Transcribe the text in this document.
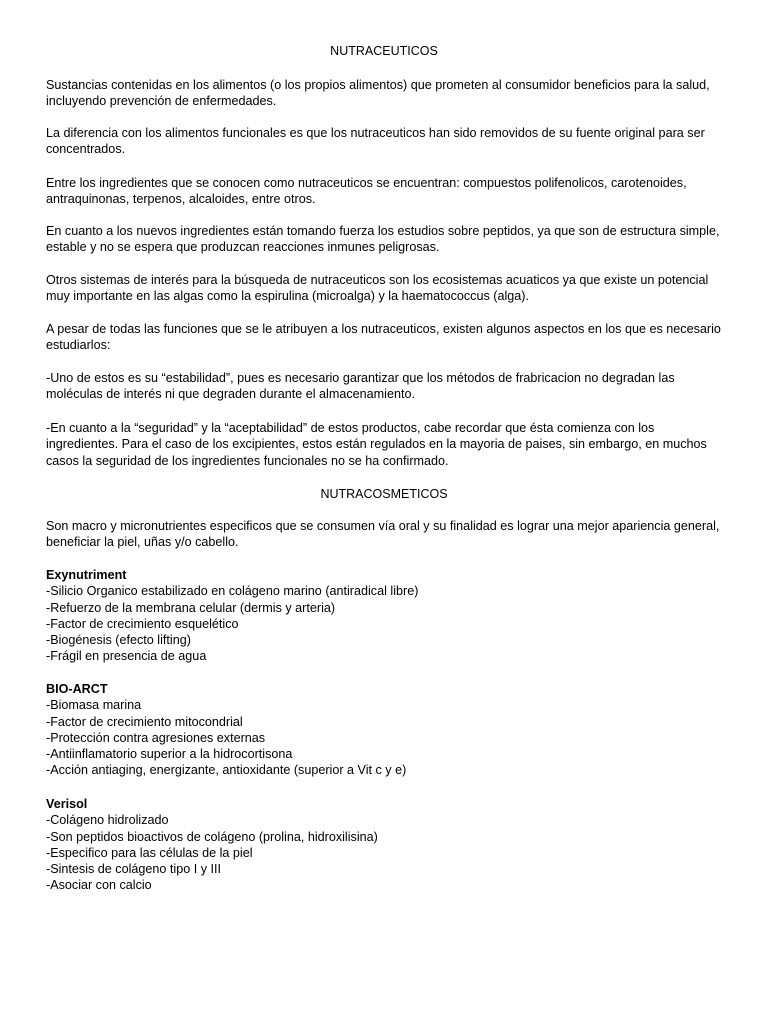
NUTRACEUTICOS

Sustancias contenidas en los alimentos (o los propios alimentos) que prometen al consumidor beneficios para la salud, incluyendo prevención de enfermedades.

La diferencia con los alimentos funcionales es que los nutraceuticos han sido removidos de su fuente original para ser concentrados.

Entre los ingredientes que se conocen como nutraceuticos se encuentran: compuestos polifenolicos, carotenoides, antraquinonas, terpenos, alcaloides, entre otros.

En cuanto a los nuevos ingredientes están tomando fuerza los estudios sobre peptidos, ya que son de estructura simple, estable y no se espera que produzcan reacciones inmunes peligrosas.

Otros sistemas de interés para la búsqueda de nutraceuticos son los ecosistemas acuaticos ya que existe un potencial muy importante en las algas como la espirulina (microalga) y la haematococcus (alga).

A pesar de todas las funciones que se le atribuyen a los nutraceuticos, existen algunos aspectos en los que es necesario estudiarlos:

-Uno de estos es su “estabilidad”, pues es necesario garantizar que los métodos de frabricacion no degradan las moléculas de interés ni que degraden durante el almacenamiento.

-En cuanto a la “seguridad” y la “aceptabilidad” de estos productos, cabe recordar que ésta comienza con los ingredientes. Para el caso de los excipientes, estos están regulados en la mayoria de paises, sin embargo, en muchos casos la seguridad de los ingredientes funcionales no se ha confirmado.

NUTRACOSMETICOS

Son macro y micronutrientes especificos que se consumen vía oral y su finalidad es lograr una mejor apariencia general, beneficiar la piel, uñas y/o cabello.

Exynutriment

-Silicio Organico estabilizado en colágeno marino (antiradical libre)
-Refuerzo de la membrana celular (dermis y arteria)
-Factor de crecimiento esquelético
-Biogénesis (efecto lifting)
-Frágil en presencia de agua

BIO-ARCT

-Biomasa marina
-Factor de crecimiento mitocondrial
-Protección contra agresiones externas
-Antiinflamatorio superior a la hidrocortisona
-Acción antiaging, energizante, antioxidante (superior a Vit c y e)

Verisol

-Colágeno hidrolizado
-Son peptidos bioactivos de colágeno (prolina, hidroxilisina)
-Especifico para las células de la piel
-Sintesis de colágeno tipo I y III
-Asociar con calcio
